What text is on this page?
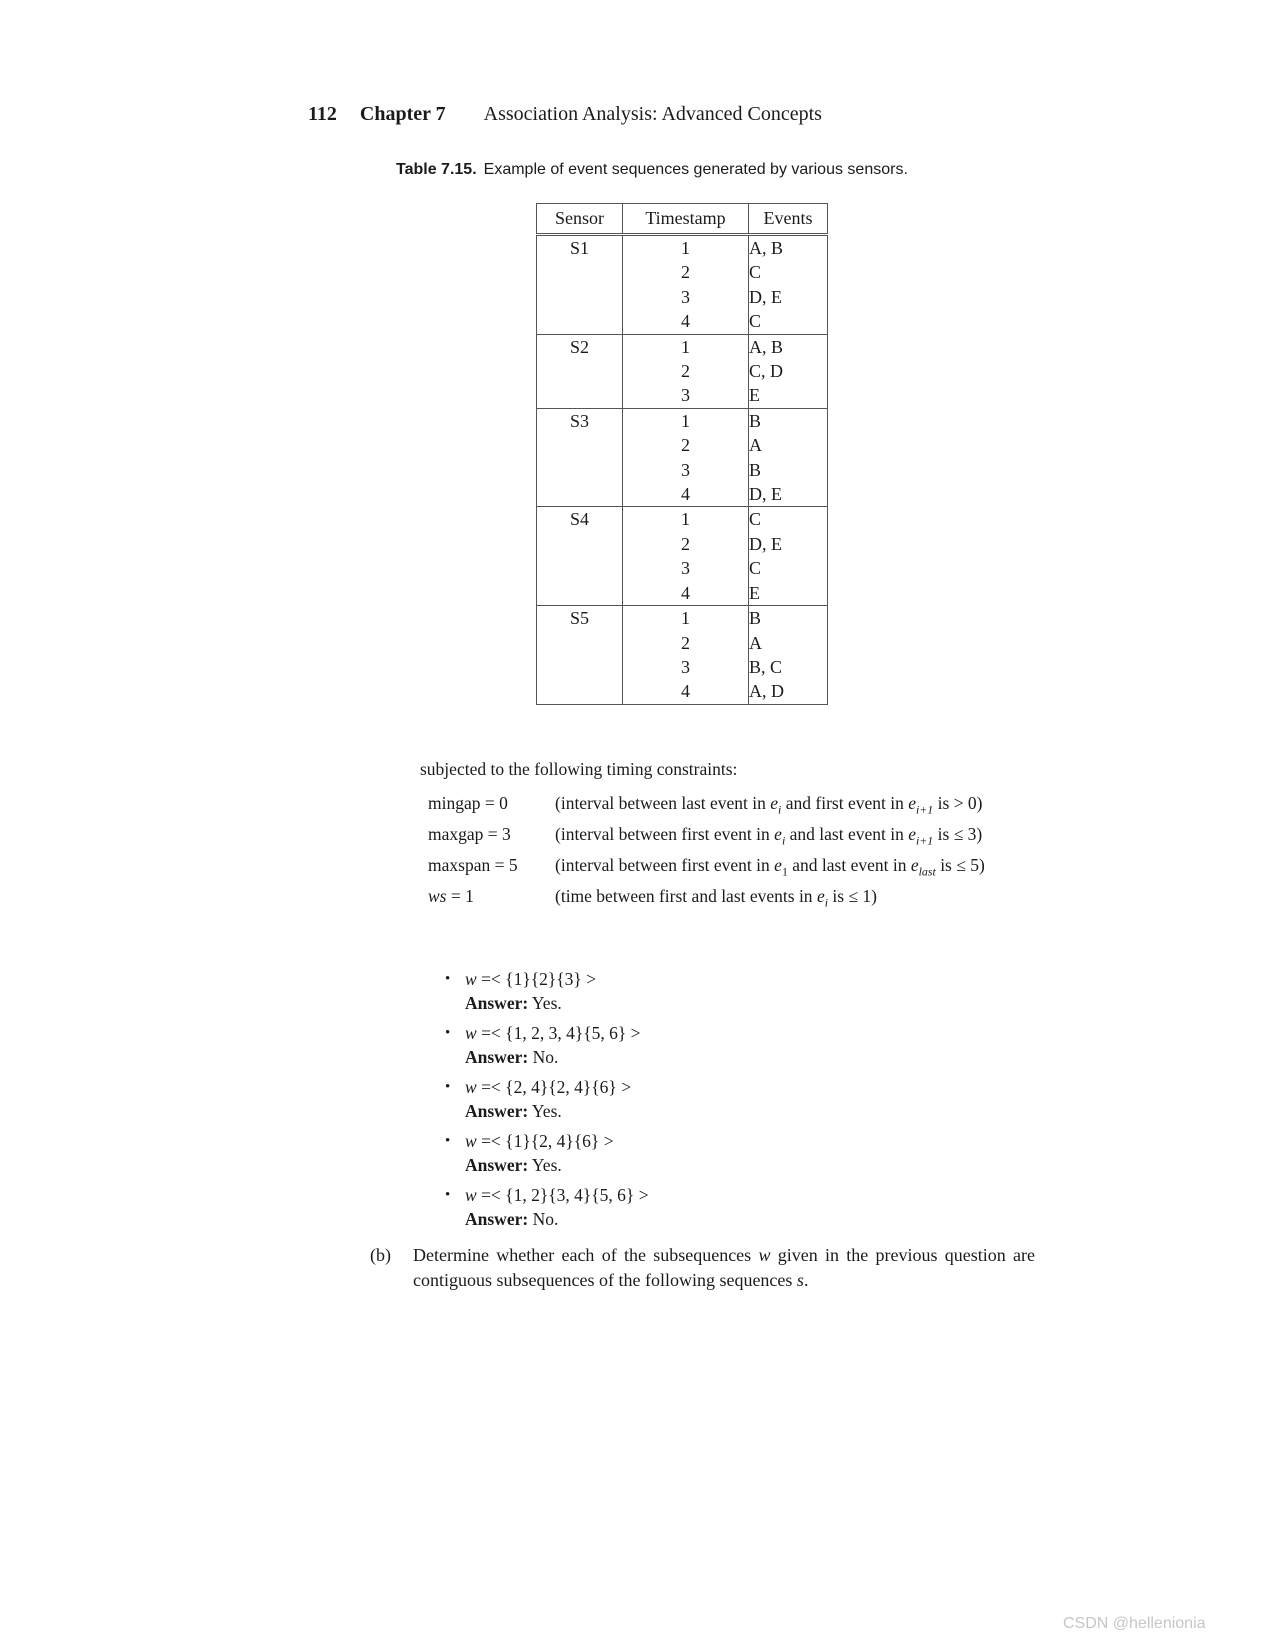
112 Chapter 7 Association Analysis: Advanced Concepts
Table 7.15. Example of event sequences generated by various sensors.
Sensor	Timestamp	Events
S1	1	A, B
	2	C
	3	D, E
	4	C
S2	1	A, B
	2	C, D
	3	E
S3	1	B
	2	A
	3	B
	4	D, E
S4	1	C
	2	D, E
	3	C
	4	E
S5	1	B
	2	A
	3	B, C
	4	A, D
subjected to the following timing constraints:
mingap = 0	(interval between last event in $e_i$ and first event in $e_{i+1}$ is > 0)
maxgap = 3	(interval between first event in $e_i$ and last event in $e_{i+1}$ is ≤ 3)
maxspan = 5	(interval between first event in $e_1$ and last event in $e_{last}$ is ≤ 5)
ws = 1	(time between first and last events in $e_i$ is ≤ 1)
• w =< {1}{2}{3} >
Answer: Yes.
• w =< {1, 2, 3, 4}{5, 6} >
Answer: No.
• w =< {2, 4}{2, 4}{6} >
Answer: Yes.
• w =< {1}{2, 4}{6} >
Answer: Yes.
• w =< {1, 2}{3, 4}{5, 6} >
Answer: No.
(b)	Determine whether each of the subsequences w given in the previous question are contiguous subsequences of the following sequences s.
CSDN @hellenionia
